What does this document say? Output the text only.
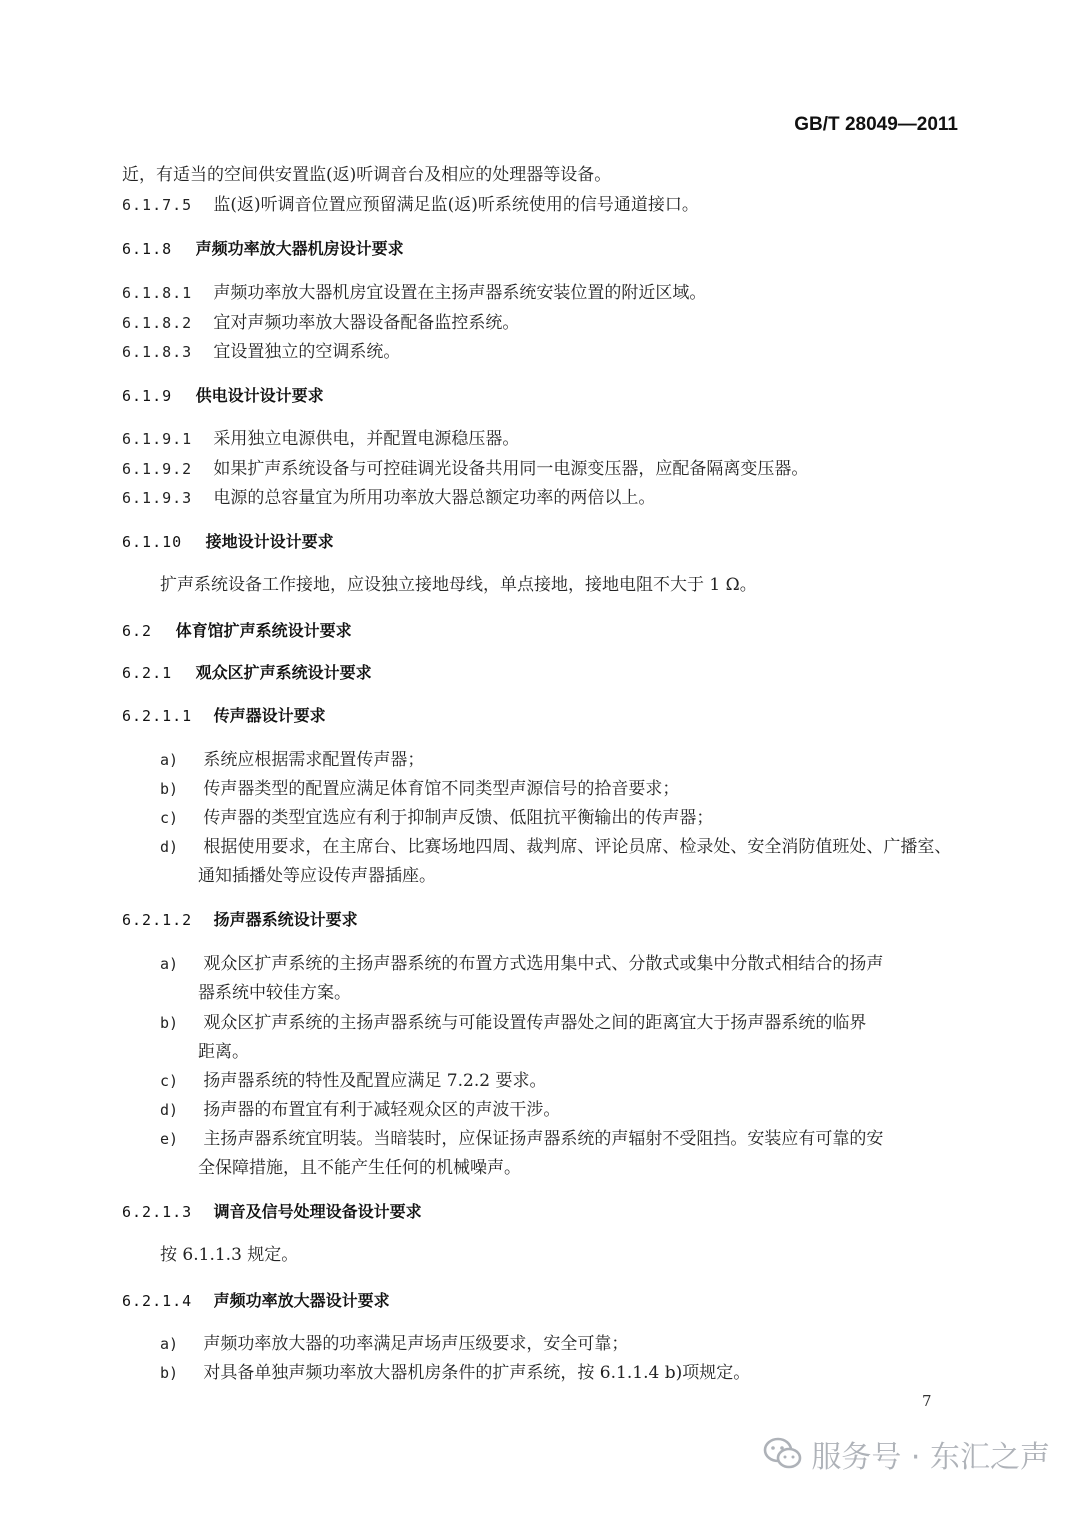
GB/T 28049—2011
近，有适当的空间供安置监(返)听调音台及相应的处理器等设备。
6.1.7.5 监(返)听调音位置应预留满足监(返)听系统使用的信号通道接口。
6.1.8 声频功率放大器机房设计要求
6.1.8.1 声频功率放大器机房宜设置在主扬声器系统安装位置的附近区域。
6.1.8.2 宜对声频功率放大器设备配备监控系统。
6.1.8.3 宜设置独立的空调系统。
6.1.9 供电设计设计要求
6.1.9.1 采用独立电源供电，并配置电源稳压器。
6.1.9.2 如果扩声系统设备与可控硅调光设备共用同一电源变压器，应配备隔离变压器。
6.1.9.3 电源的总容量宜为所用功率放大器总额定功率的两倍以上。
6.1.10 接地设计设计要求
扩声系统设备工作接地，应设独立接地母线，单点接地，接地电阻不大于 1 Ω。
6.2 体育馆扩声系统设计要求
6.2.1 观众区扩声系统设计要求
6.2.1.1 传声器设计要求
a) 系统应根据需求配置传声器；
b) 传声器类型的配置应满足体育馆不同类型声源信号的拾音要求；
c) 传声器的类型宜选应有利于抑制声反馈、低阻抗平衡输出的传声器；
d) 根据使用要求，在主席台、比赛场地四周、裁判席、评论员席、检录处、安全消防值班处、广播室、
通知插播处等应设传声器插座。
6.2.1.2 扬声器系统设计要求
a) 观众区扩声系统的主扬声器系统的布置方式选用集中式、分散式或集中分散式相结合的扬声
器系统中较佳方案。
b) 观众区扩声系统的主扬声器系统与可能设置传声器处之间的距离宜大于扬声器系统的临界
距离。
c) 扬声器系统的特性及配置应满足 7.2.2 要求。
d) 扬声器的布置宜有利于减轻观众区的声波干涉。
e) 主扬声器系统宜明装。当暗装时，应保证扬声器系统的声辐射不受阻挡。安装应有可靠的安
全保障措施，且不能产生任何的机械噪声。
6.2.1.3 调音及信号处理设备设计要求
按 6.1.1.3 规定。
6.2.1.4 声频功率放大器设计要求
a) 声频功率放大器的功率满足声场声压级要求，安全可靠；
b) 对具备单独声频功率放大器机房条件的扩声系统，按 6.1.1.4 b)项规定。
7
服务号 · 东汇之声
